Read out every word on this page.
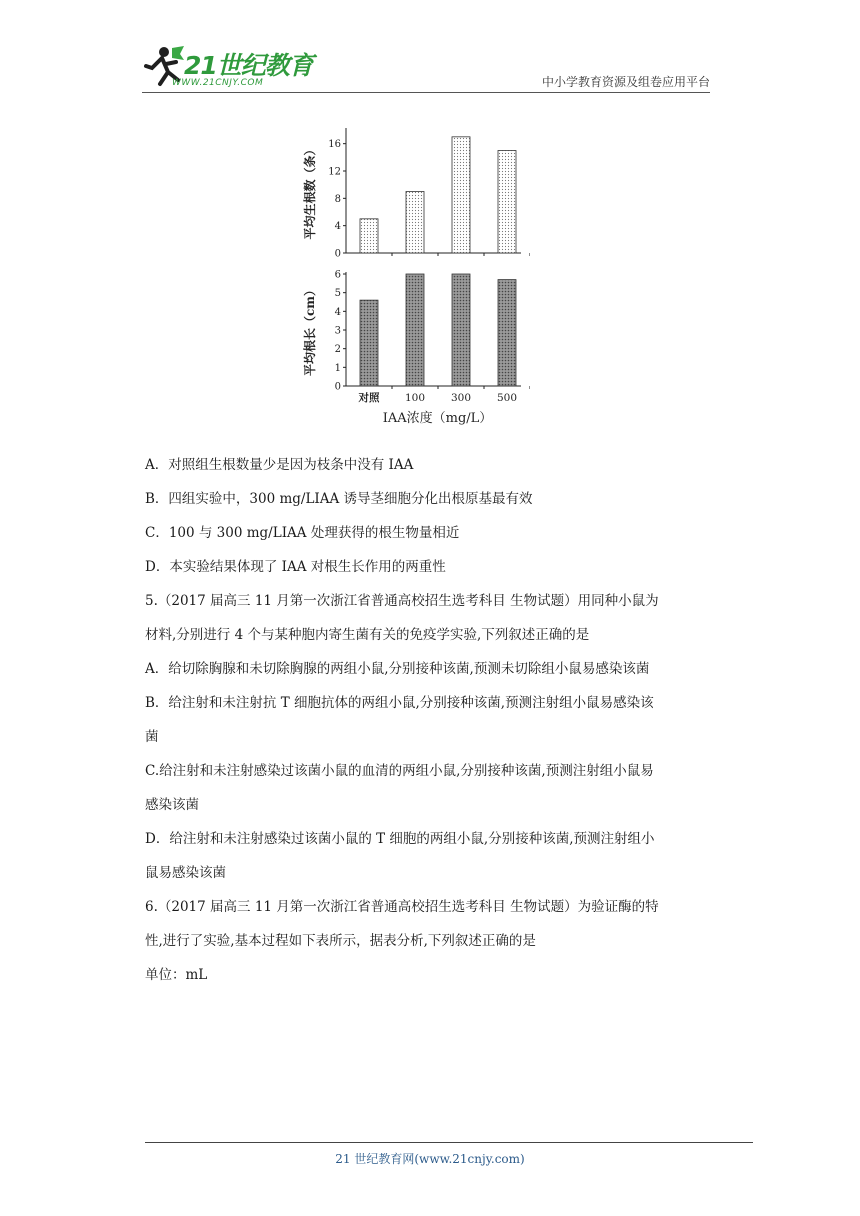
21世纪教育
WWW.21CNJY.COM	中小学教育资源及组卷应用平台
0
4
8
12
16
平均生根数（条）
0
1
2
3
4
5
6
对照 100 300 500
平均根长（cm）
IAA浓度（mg/L）
A．对照组生根数量少是因为枝条中没有 IAA
B．四组实验中，300 mg/LIAA 诱导茎细胞分化出根原基最有效
C．100 与 300 mg/LIAA 处理获得的根生物量相近
D．本实验结果体现了 IAA 对根生长作用的两重性
5.（2017 届高三 11 月第一次浙江省普通高校招生选考科目 生物试题）用同种小鼠为
材料,分别进行 4 个与某种胞内寄生菌有关的免疫学实验,下列叙述正确的是
A．给切除胸腺和未切除胸腺的两组小鼠,分别接种该菌,预测未切除组小鼠易感染该菌
B．给注射和未注射抗 T 细胞抗体的两组小鼠,分别接种该菌,预测注射组小鼠易感染该
菌
C.给注射和未注射感染过该菌小鼠的血清的两组小鼠,分别接种该菌,预测注射组小鼠易
感染该菌
D．给注射和未注射感染过该菌小鼠的 T 细胞的两组小鼠,分别接种该菌,预测注射组小
鼠易感染该菌
6.（2017 届高三 11 月第一次浙江省普通高校招生选考科目 生物试题）为验证酶的特
性,进行了实验,基本过程如下表所示，据表分析,下列叙述正确的是
单位：mL
21 世纪教育网(www.21cnjy.com)
